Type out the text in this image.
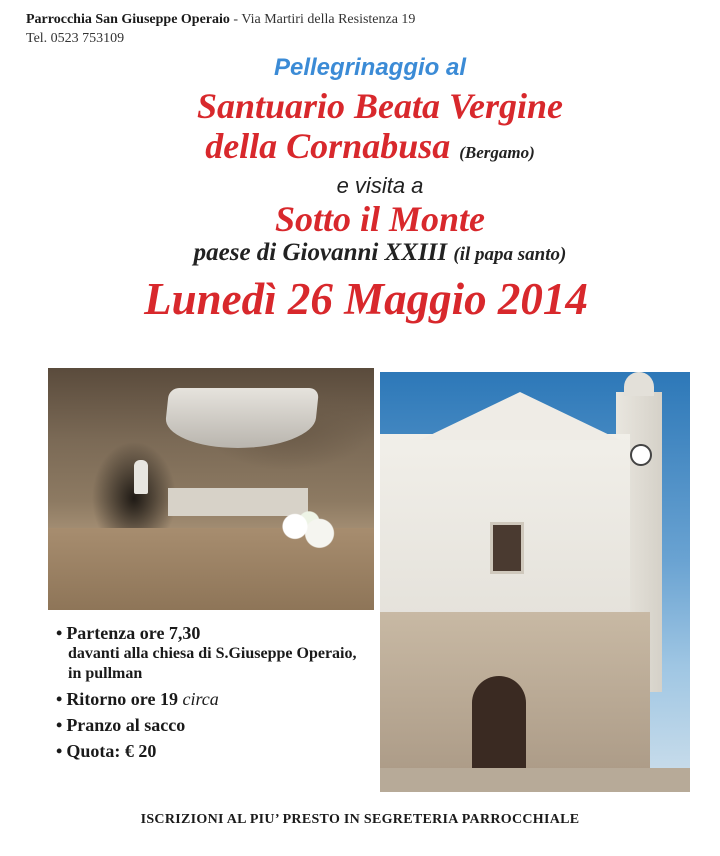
Parrocchia San Giuseppe Operaio - Via Martiri della Resistenza 19
Tel. 0523 753109
Pellegrinaggio al
Santuario Beata Vergine
della Cornabusa (Bergamo)
e visita a
Sotto il Monte
paese di Giovanni XXIII (il papa santo)
Lunedì 26 Maggio 2014
• Partenza ore 7,30
davanti alla chiesa di S.Giuseppe Operaio,
in pullman
• Ritorno ore 19 circa
• Pranzo al sacco
• Quota: € 20
ISCRIZIONI AL PIU’ PRESTO IN SEGRETERIA PARROCCHIALE
